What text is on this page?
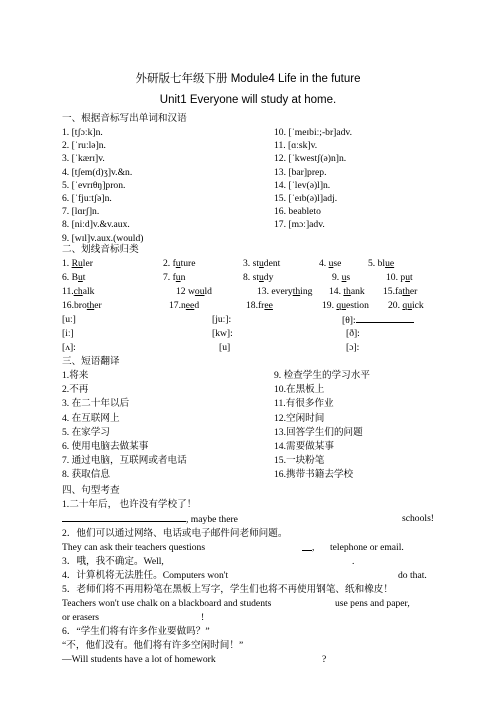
外研版七年级下册 Module4 Life in the future
Unit1 Everyone will study at home.
一、根据音标写出单词和汉语
1. [tʃɔːk]n.	10. [ˈmeɪbiː;-br]adv.
2. [ˈruːlə]n.	11. [ɑːsk]v.
3. [ˈkærɪ]v.	12. [ˈkwestʃ(ə)n]n.
4. [tʃem(d)ʒ]v.&n.	13. [bar]prep.
5. [ˈevrɪθŋ]pron.	14. [ˈlev(ə)l]n.
6. [ˈfjuːtʃə]n.	15. [ˈeɪb(ə)l]adj.
7. [lɑrʃ]n.	16. beableto
8. [niːd]v.&v.aux.	17. [mɔː]adv.
9. [wɪl]v.aux.(would)
二、划线音标归类
1. Ruler	2. future	3. student	4. use	5. blue
6. But	7. fun	8. study	9. us	10. put
11.chalk	12 would	13. everything 14. thank 15.father
16.brother	17.need	18.free	19. question 20. quick
[uː]	[juː]:	[θ]:
[iː]	[kw]:	[ð]:
[ʌ]:	[u]	[ɔ]:
三、短语翻译
1.将来	9. 检查学生的学习水平
2.不再	10.在黑板上
3. 在二十年以后	11.有很多作业
4. 在互联网上	12.空闲时间
5. 在家学习	13.回答学生们的问题
6. 使用电脑去做某事	14.需要做某事
7. 通过电脑，互联网或者电话	15.一块粉笔
8. 获取信息	16.携带书籍去学校
四、句型考查
1.二十年后， 也许没有学校了！
, maybe there	schools!
2．他们可以通过网络、电话或电子邮件问老师问题。
They can ask their teachers questions	, telephone or email.
3．哦，我不确定。Well,	.
4．计算机将无法胜任。Computers won't	do that.
5．老师们将不再用粉笔在黑板上写字，学生们也将不再使用钢笔、纸和橡皮！
Teachers won't use chalk on a blackboard and students	use pens and paper,
or erasers	!
6．“学生们将有许多作业要做吗？”
“不，他们没有。他们将有许多空闲时间！”
—Will students have a lot of homework	?
